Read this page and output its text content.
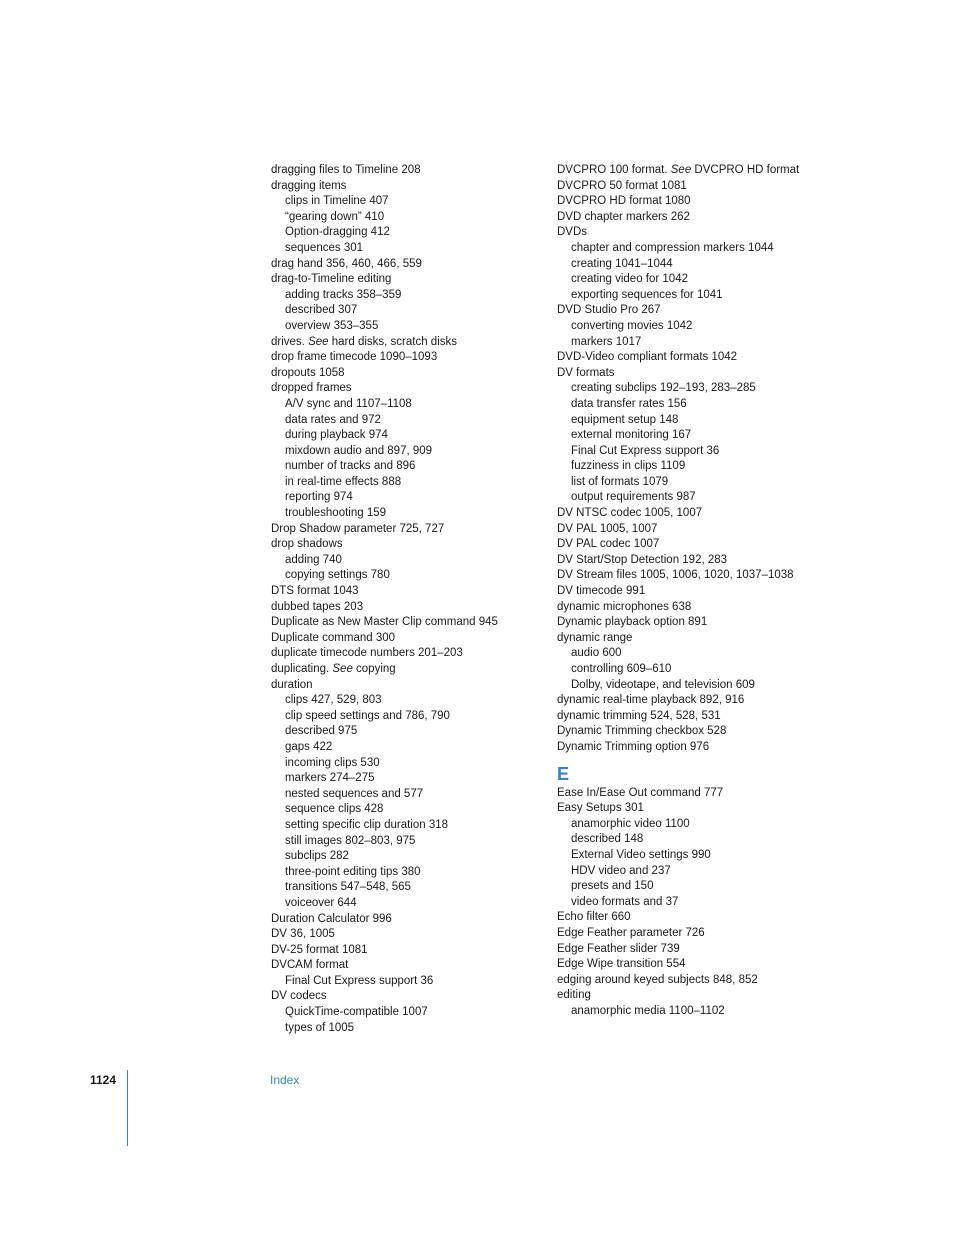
dragging files to Timeline 208
dragging items
clips in Timeline 407
“gearing down” 410
Option-dragging 412
sequences 301
drag hand 356, 460, 466, 559
drag-to-Timeline editing
adding tracks 358–359
described 307
overview 353–355
drives. See hard disks, scratch disks
drop frame timecode 1090–1093
dropouts 1058
dropped frames
A/V sync and 1107–1108
data rates and 972
during playback 974
mixdown audio and 897, 909
number of tracks and 896
in real-time effects 888
reporting 974
troubleshooting 159
Drop Shadow parameter 725, 727
drop shadows
adding 740
copying settings 780
DTS format 1043
dubbed tapes 203
Duplicate as New Master Clip command 945
Duplicate command 300
duplicate timecode numbers 201–203
duplicating. See copying
duration
clips 427, 529, 803
clip speed settings and 786, 790
described 975
gaps 422
incoming clips 530
markers 274–275
nested sequences and 577
sequence clips 428
setting specific clip duration 318
still images 802–803, 975
subclips 282
three-point editing tips 380
transitions 547–548, 565
voiceover 644
Duration Calculator 996
DV 36, 1005
DV-25 format 1081
DVCAM format
Final Cut Express support 36
DV codecs
QuickTime-compatible 1007
types of 1005
DVCPRO 100 format. See DVCPRO HD format
DVCPRO 50 format 1081
DVCPRO HD format 1080
DVD chapter markers 262
DVDs
chapter and compression markers 1044
creating 1041–1044
creating video for 1042
exporting sequences for 1041
DVD Studio Pro 267
converting movies 1042
markers 1017
DVD-Video compliant formats 1042
DV formats
creating subclips 192–193, 283–285
data transfer rates 156
equipment setup 148
external monitoring 167
Final Cut Express support 36
fuzziness in clips 1109
list of formats 1079
output requirements 987
DV NTSC codec 1005, 1007
DV PAL 1005, 1007
DV PAL codec 1007
DV Start/Stop Detection 192, 283
DV Stream files 1005, 1006, 1020, 1037–1038
DV timecode 991
dynamic microphones 638
Dynamic playback option 891
dynamic range
audio 600
controlling 609–610
Dolby, videotape, and television 609
dynamic real-time playback 892, 916
dynamic trimming 524, 528, 531
Dynamic Trimming checkbox 528
Dynamic Trimming option 976
E
Ease In/Ease Out command 777
Easy Setups 301
anamorphic video 1100
described 148
External Video settings 990
HDV video and 237
presets and 150
video formats and 37
Echo filter 660
Edge Feather parameter 726
Edge Feather slider 739
Edge Wipe transition 554
edging around keyed subjects 848, 852
editing
anamorphic media 1100–1102
1124	Index
